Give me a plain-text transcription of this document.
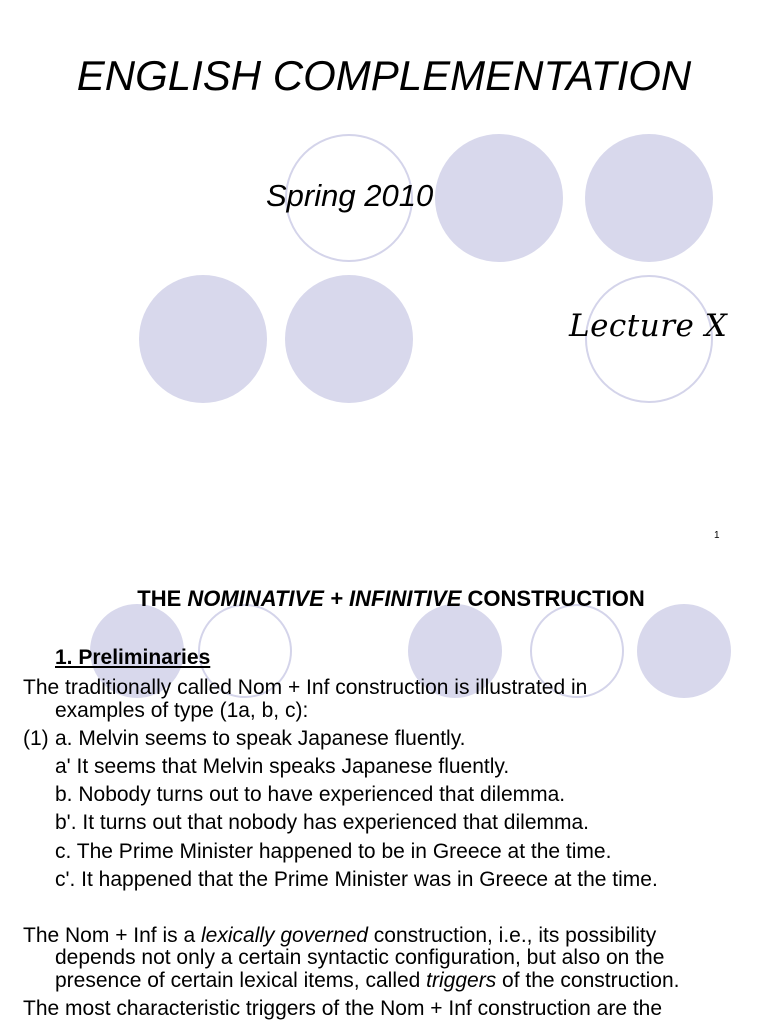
ENGLISH COMPLEMENTATION
Spring 2010
Lecture X
1
THE NOMINATIVE + INFINITIVE CONSTRUCTION
1. Preliminaries
The traditionally called Nom + Inf construction is illustrated in
examples of type (1a, b, c):
(1) a. Melvin seems to speak Japanese fluently.
a' It seems that Melvin speaks Japanese fluently.
b. Nobody turns out to have experienced that dilemma.
b'. It turns out that nobody has experienced that dilemma.
c. The Prime Minister happened to be in Greece at the time.
c'. It happened that the Prime Minister was in Greece at the time.
The Nom + Inf is a lexically governed construction, i.e., its possibility
depends not only a certain syntactic configuration, but also on the
presence of certain lexical items, called triggers of the construction.
The most characteristic triggers of the Nom + Inf construction are the
